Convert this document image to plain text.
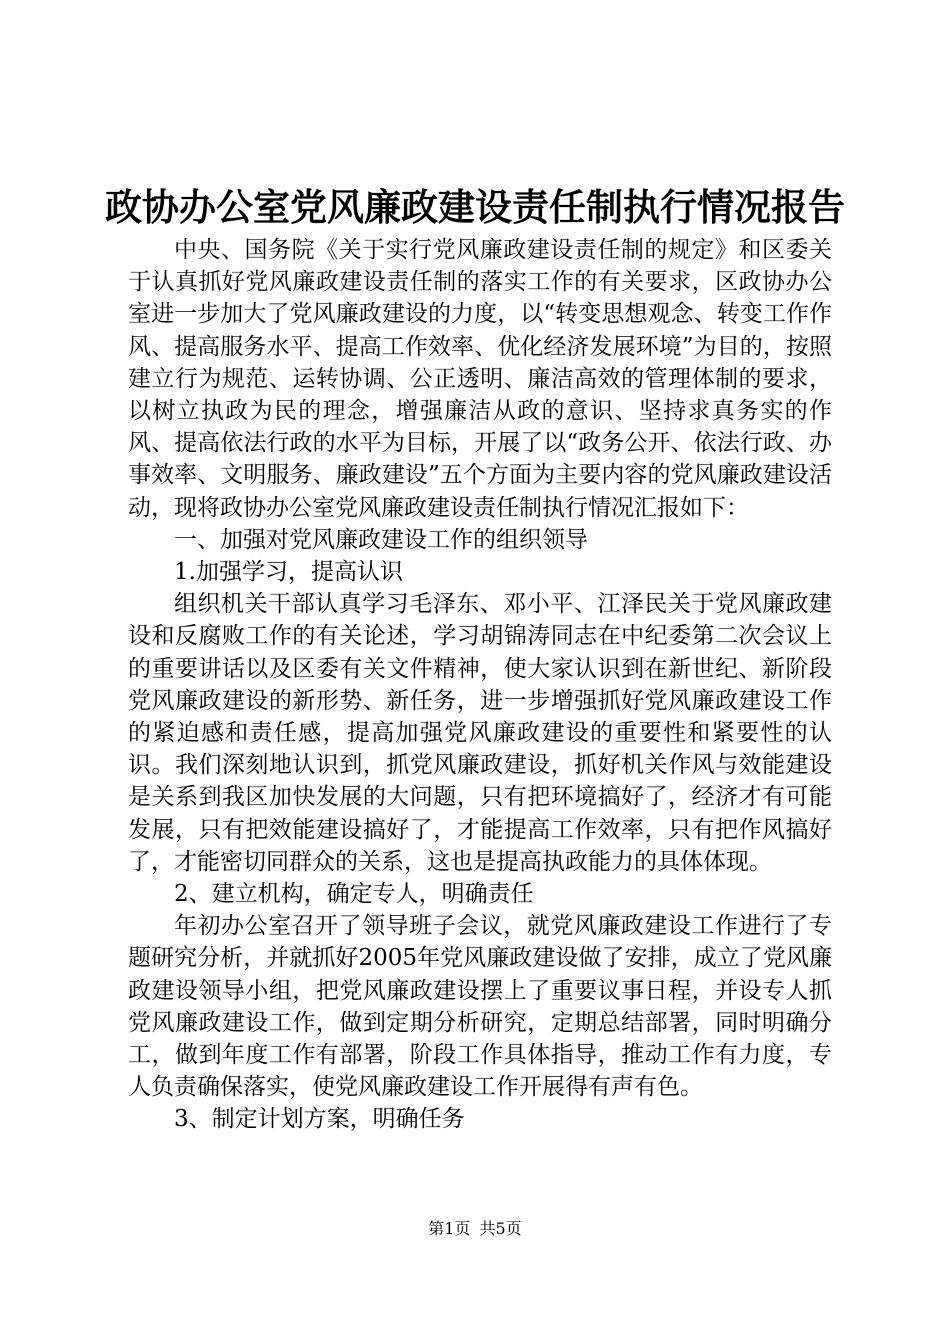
政协办公室党风廉政建设责任制执行情况报告

中央、国务院《关于实行党风廉政建设责任制的规定》和区委关于认真抓好党风廉政建设责任制的落实工作的有关要求，区政协办公室进一步加大了党风廉政建设的力度，以“转变思想观念、转变工作作风、提高服务水平、提高工作效率、优化经济发展环境”为目的，按照建立行为规范、运转协调、公正透明、廉洁高效的管理体制的要求，以树立执政为民的理念，增强廉洁从政的意识、坚持求真务实的作风、提高依法行政的水平为目标，开展了以“政务公开、依法行政、办事效率、文明服务、廉政建设”五个方面为主要内容的党风廉政建设活动，现将政协办公室党风廉政建设责任制执行情况汇报如下：

一、加强对党风廉政建设工作的组织领导

1.加强学习，提高认识

组织机关干部认真学习毛泽东、邓小平、江泽民关于党风廉政建设和反腐败工作的有关论述，学习胡锦涛同志在中纪委第二次会议上的重要讲话以及区委有关文件精神，使大家认识到在新世纪、新阶段党风廉政建设的新形势、新任务，进一步增强抓好党风廉政建设工作的紧迫感和责任感，提高加强党风廉政建设的重要性和紧要性的认识。我们深刻地认识到，抓党风廉政建设，抓好机关作风与效能建设是关系到我区加快发展的大问题，只有把环境搞好了，经济才有可能发展，只有把效能建设搞好了，才能提高工作效率，只有把作风搞好了，才能密切同群众的关系，这也是提高执政能力的具体体现。

2、建立机构，确定专人，明确责任

年初办公室召开了领导班子会议，就党风廉政建设工作进行了专题研究分析，并就抓好2005年党风廉政建设做了安排，成立了党风廉政建设领导小组，把党风廉政建设摆上了重要议事日程，并设专人抓党风廉政建设工作，做到定期分析研究，定期总结部署，同时明确分工，做到年度工作有部署，阶段工作具体指导，推动工作有力度，专人负责确保落实，使党风廉政建设工作开展得有声有色。

3、制定计划方案，明确任务

第1页 共5页
